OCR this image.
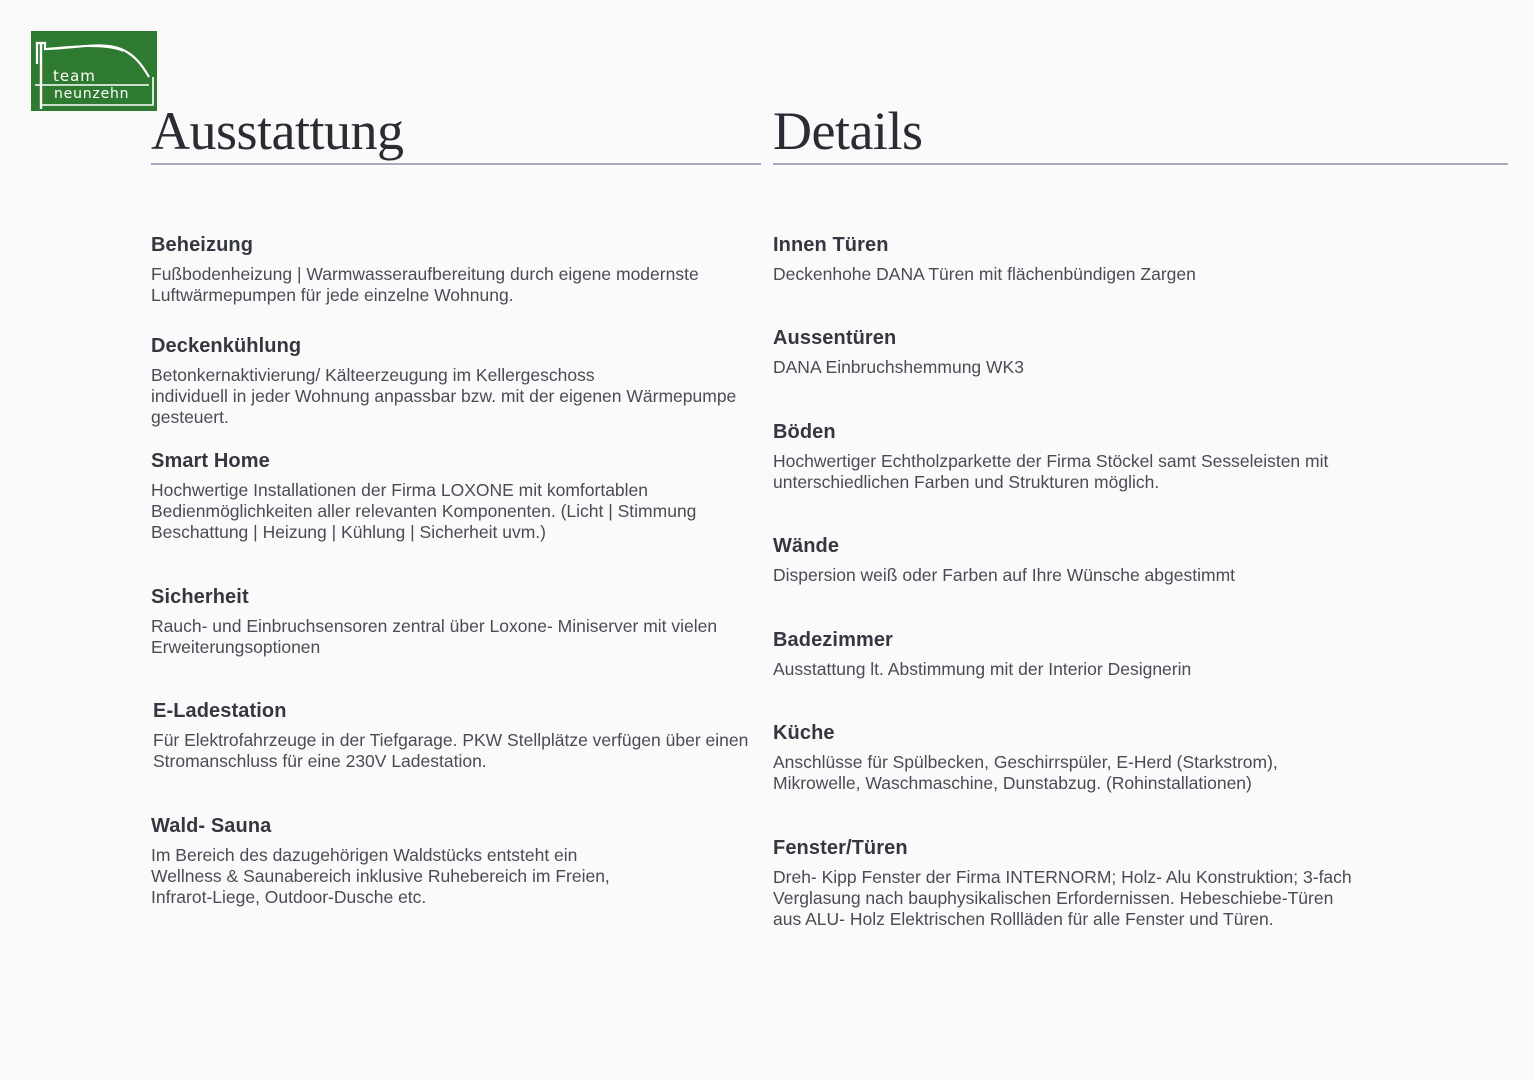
team
neunzehn
Ausstattung
Beheizung

Fußbodenheizung | Warmwasseraufbereitung durch eigene modernste
Luftwärmepumpen für jede einzelne Wohnung.

Deckenkühlung

Betonkernaktivierung/ Kälteerzeugung im Kellergeschoss
individuell in jeder Wohnung anpassbar bzw. mit der eigenen Wärmepumpe
gesteuert.

Smart Home

Hochwertige Installationen der Firma LOXONE mit komfortablen
Bedienmöglichkeiten aller relevanten Komponenten. (Licht | Stimmung
Beschattung | Heizung | Kühlung | Sicherheit uvm.)

Sicherheit

Rauch- und Einbruchsensoren zentral über Loxone- Miniserver mit vielen
Erweiterungsoptionen

E-Ladestation

Für Elektrofahrzeuge in der Tiefgarage. PKW Stellplätze verfügen über einen
Stromanschluss für eine 230V Ladestation.

Wald- Sauna

Im Bereich des dazugehörigen Waldstücks entsteht ein
Wellness & Saunabereich inklusive Ruhebereich im Freien,
Infrarot-Liege, Outdoor-Dusche etc.

Details
Innen Türen

Deckenhohe DANA Türen mit flächenbündigen Zargen

Aussentüren

DANA Einbruchshemmung WK3

Böden

Hochwertiger Echtholzparkette der Firma Stöckel samt Sesseleisten mit
unterschiedlichen Farben und Strukturen möglich.

Wände

Dispersion weiß oder Farben auf Ihre Wünsche abgestimmt

Badezimmer

Ausstattung lt. Abstimmung mit der Interior Designerin

Küche

Anschlüsse für Spülbecken, Geschirrspüler, E-Herd (Starkstrom),
Mikrowelle, Waschmaschine, Dunstabzug. (Rohinstallationen)

Fenster/Türen

Dreh- Kipp Fenster der Firma INTERNORM; Holz- Alu Konstruktion; 3-fach
Verglasung nach bauphysikalischen Erfordernissen. Hebeschiebe-Türen
aus ALU- Holz Elektrischen Rollläden für alle Fenster und Türen.
